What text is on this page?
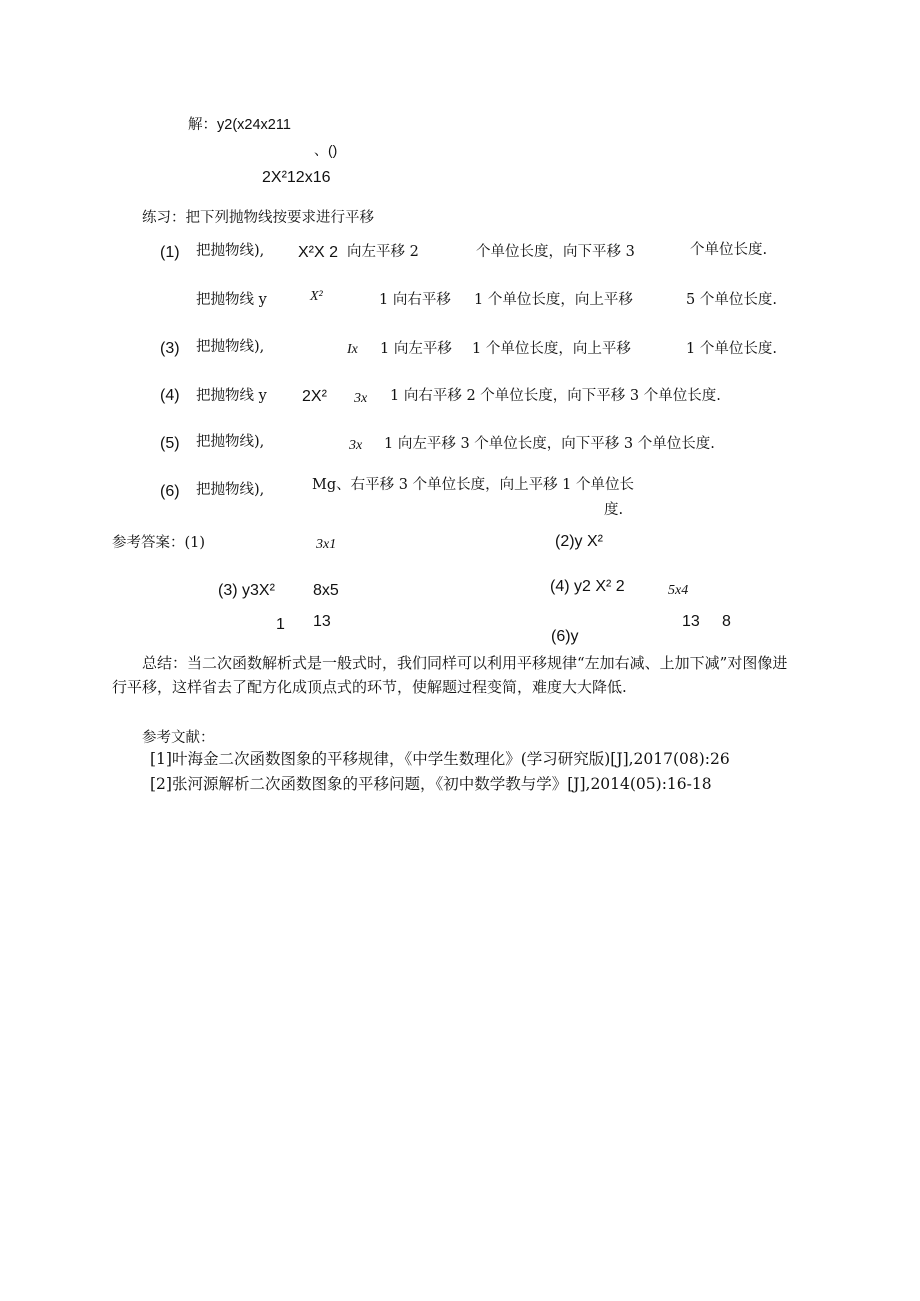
解：y2(x24x211
、()
2X²12x16
练习：把下列抛物线按要求进行平移
(1) 把抛物线), X²X 2 向左平移 2	个单位长度，向下平移 3	个单位长度.
把抛物线 y	X²	1 向右平移 1 个单位长度，向上平移	5 个单位长度.
(3) 把抛物线),	Ix 1 向左平移 1 个单位长度，向上平移	1 个单位长度.
(4) 把抛物线 y 2X² 3x 1 向右平移 2 个单位长度，向下平移 3 个单位长度.
(5) 把抛物线),	3x 1 向左平移 3 个单位长度，向下平移 3 个单位长度.
(6) 把抛物线),	Mg、右平移 3 个单位长度，向上平移 1 个单位长
度.
参考答案：(1)	3x1	(2)y X²
(3) y3X² 8x5	(4) y2 X² 2	5x4
1 13	13 8
(6)y
总结：当二次函数解析式是一般式时，我们同样可以利用平移规律“左加右减、上加下减”对图像进行平移，这样省去了配方化成顶点式的环节，使解题过程变简，难度大大降低.
参考文献：
[1]叶海金二次函数图象的平移规律，《中学生数理化》(学习研究版)[J],2017(08):26
[2]张河源解析二次函数图象的平移问题，《初中数学教与学》[J],2014(05):16-18
